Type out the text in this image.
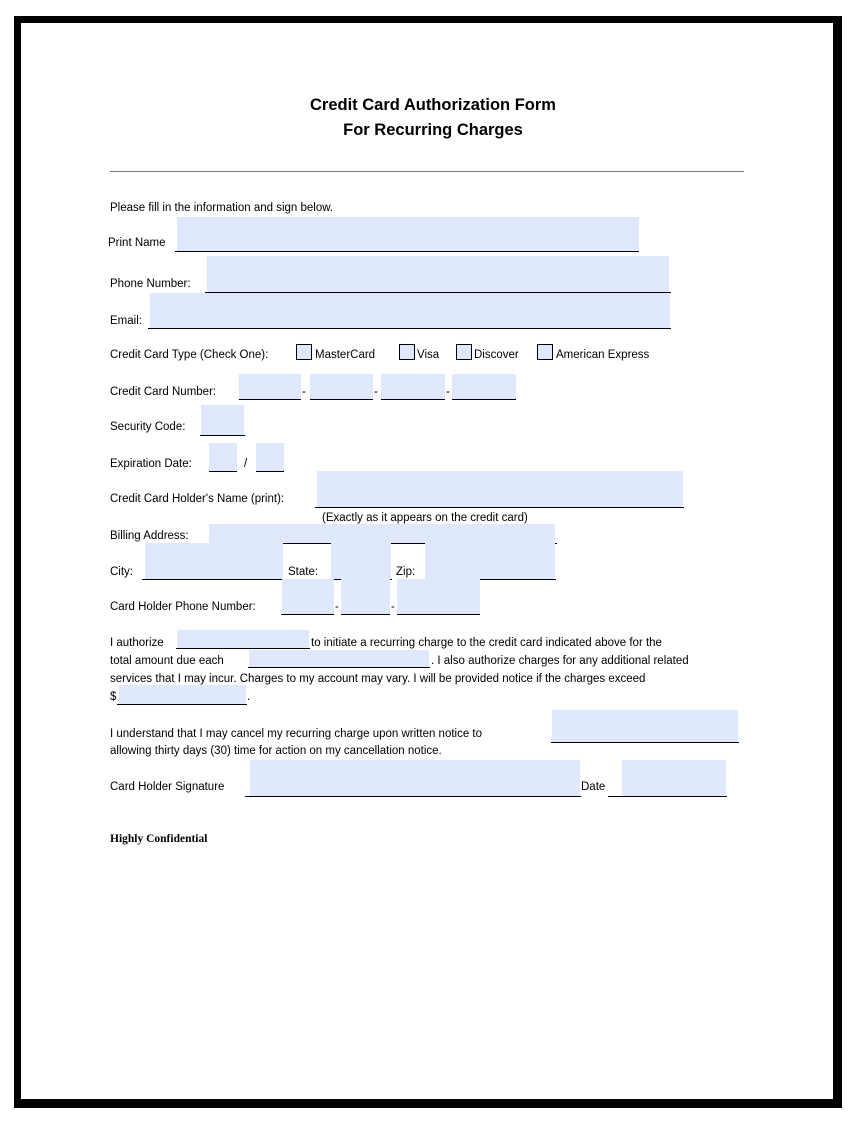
Credit Card Authorization Form
For Recurring Charges
Please fill in the information and sign below.
Print Name
Phone Number:
Email:
Credit Card Type (Check One):	MasterCard	Visa	Discover	American Express
Credit Card Number:	-	-	-
Security Code:
Expiration Date:	/
Credit Card Holder's Name (print):
(Exactly as it appears on the credit card)
Billing Address:
City:	State:	Zip:
Card Holder Phone Number:	-	-
I authorize	to initiate a recurring charge to the credit card indicated above for the
total amount due each	. I also authorize charges for any additional related
services that I may incur. Charges to my account may vary. I will be provided notice if the charges exceed
$	.
I understand that I may cancel my recurring charge upon written notice to
allowing thirty days (30) time for action on my cancellation notice.
Card Holder Signature	Date
Highly Confidential
